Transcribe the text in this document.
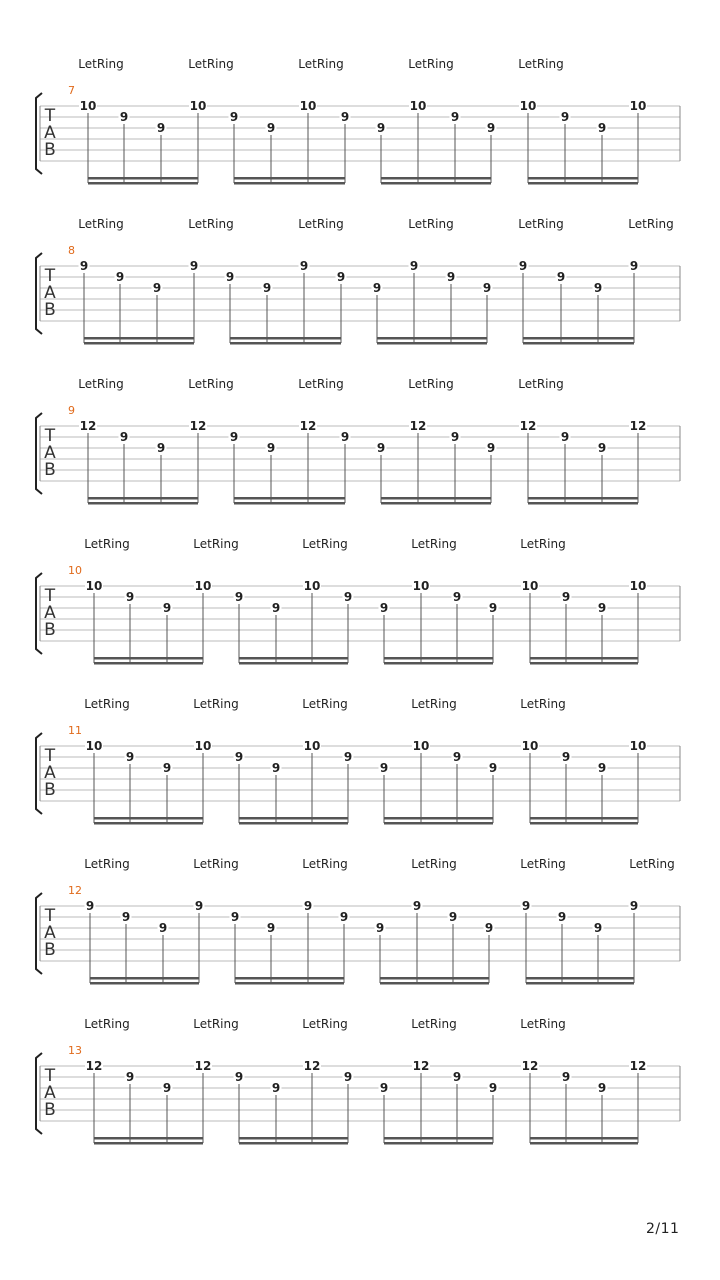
LetRing	LetRing	LetRing	LetRing	LetRing
7
T
A
B
10
9
9
10
9
9
10
9
9
10
9
9
10
9
9
10
LetRing	LetRing	LetRing	LetRing	LetRing	LetRing
8
T
A
B
9
9
9
9
9
9
9
9
9
9
9
9
9
9
9
9
LetRing	LetRing	LetRing	LetRing	LetRing
9
T
A
B
12
9
9
12
9
9
12
9
9
12
9
9
12
9
9
12
LetRing	LetRing	LetRing	LetRing	LetRing
10
T
A
B
10
9
9
10
9
9
10
9
9
10
9
9
10
9
9
10
LetRing	LetRing	LetRing	LetRing	LetRing
11
T
A
B
10
9
9
10
9
9
10
9
9
10
9
9
10
9
9
10
LetRing	LetRing	LetRing	LetRing	LetRing	LetRing
12
T
A
B
9
9
9
9
9
9
9
9
9
9
9
9
9
9
9
9
LetRing	LetRing	LetRing	LetRing	LetRing
13
T
A
B
12
9
9
12
9
9
12
9
9
12
9
9
12
9
9
12
2/11
